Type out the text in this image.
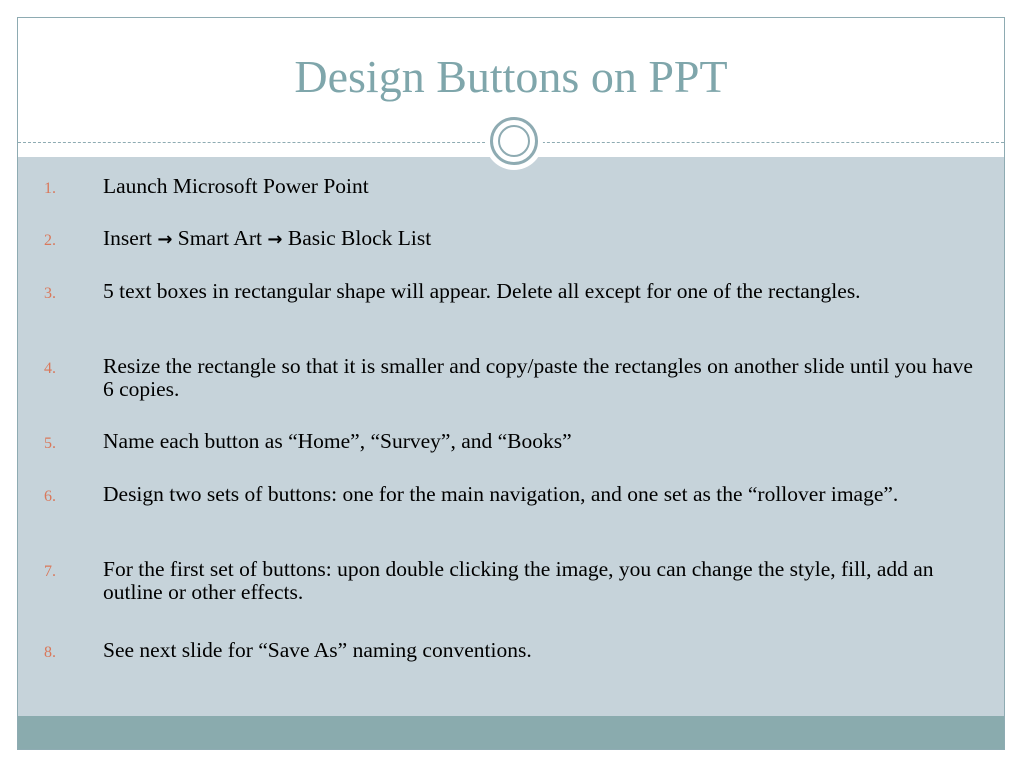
Design Buttons on PPT
1. Launch Microsoft Power Point
2. Insert → Smart Art → Basic Block List
3. 5 text boxes in rectangular shape will appear. Delete all except for one of the rectangles.
4. Resize the rectangle so that it is smaller and copy/paste the rectangles on another slide until you have 6 copies.
5. Name each button as “Home”, “Survey”, and “Books”
6. Design two sets of buttons: one for the main navigation, and one set as the “rollover image”.
7. For the first set of buttons: upon double clicking the image, you can change the style, fill, add an outline or other effects.
8. See next slide for “Save As” naming conventions.
